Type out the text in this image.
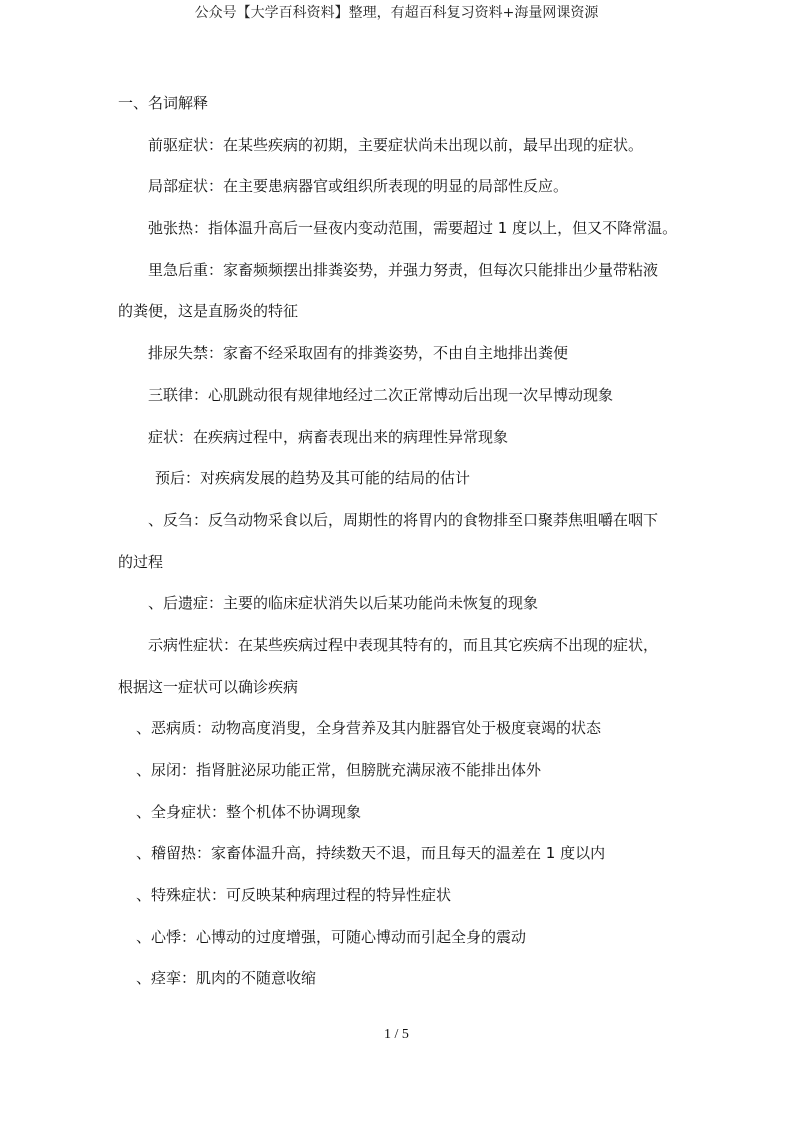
公众号【大学百科资料】整理，有超百科复习资料+海量网课资源
一、名词解释
前驱症状：在某些疾病的初期，主要症状尚未出现以前，最早出现的症状。
局部症状：在主要患病器官或组织所表现的明显的局部性反应。
弛张热：指体温升高后一昼夜内变动范围，需要超过 1 度以上，但又不降常温。
里急后重：家畜频频摆出排粪姿势，并强力努责，但每次只能排出少量带粘液
的粪便，这是直肠炎的特征
排尿失禁：家畜不经采取固有的排粪姿势，不由自主地排出粪便
三联律：心肌跳动很有规律地经过二次正常博动后出现一次早博动现象
症状：在疾病过程中，病畜表现出来的病理性异常现象
预后：对疾病发展的趋势及其可能的结局的估计
、反刍：反刍动物采食以后，周期性的将胃内的食物排至口聚莽焦咀嚼在咽下
的过程
、后遗症：主要的临床症状消失以后某功能尚未恢复的现象
示病性症状：在某些疾病过程中表现其特有的，而且其它疾病不出现的症状，
根据这一症状可以确诊疾病
、恶病质：动物高度消叟，全身营养及其内脏器官处于极度衰竭的状态
、尿闭：指肾脏泌尿功能正常，但膀胱充满尿液不能排出体外
、全身症状：整个机体不协调现象
、稽留热：家畜体温升高，持续数天不退，而且每天的温差在 1 度以内
、特殊症状：可反映某种病理过程的特异性症状
、心悸：心博动的过度增强，可随心博动而引起全身的震动
、痉挛：肌肉的不随意收缩
1 / 5
